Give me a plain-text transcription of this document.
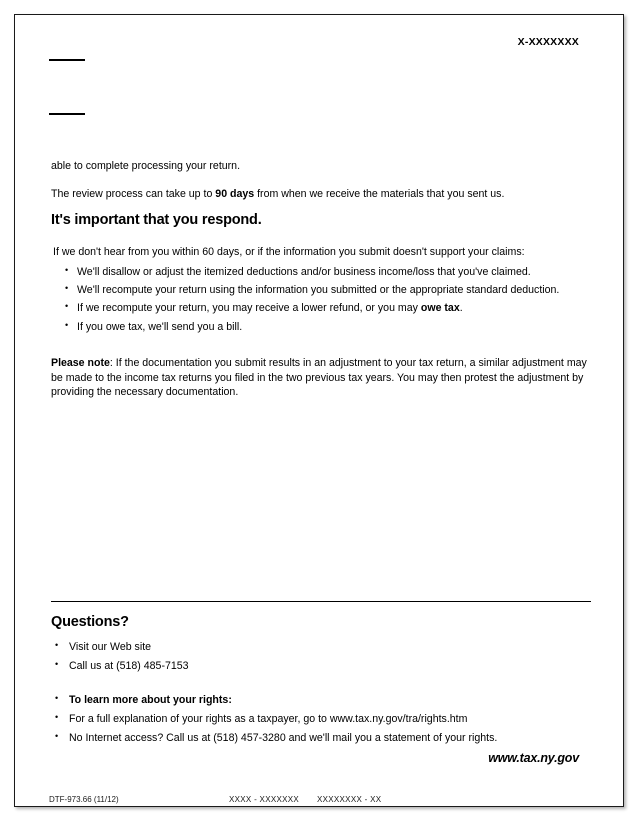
X-XXXXXXX

able to complete processing your return.

The review process can take up to 90 days from when we receive the materials that you sent us.

It's important that you respond.

If we don't hear from you within 60 days, or if the information you submit doesn't support your claims:

• We'll disallow or adjust the itemized deductions and/or business income/loss that you've claimed.
• We'll recompute your return using the information you submitted or the appropriate standard deduction.
• If we recompute your return, you may receive a lower refund, or you may owe tax.
• If you owe tax, we'll send you a bill.

Please note: If the documentation you submit results in an adjustment to your tax return, a similar adjustment may be made to the income tax returns you filed in the two previous tax years. You may then protest the adjustment by providing the necessary documentation.

Questions?
• Visit our Web site
• Call us at (518) 485-7153
• To learn more about your rights:
• For a full explanation of your rights as a taxpayer, go to www.tax.ny.gov/tra/rights.htm
• No Internet access? Call us at (518) 457-3280 and we'll mail you a statement of your rights.
www.tax.ny.gov
DTF-973.66 (11/12)	XXXX - XXXXXXX XXXXXXXX - XX
